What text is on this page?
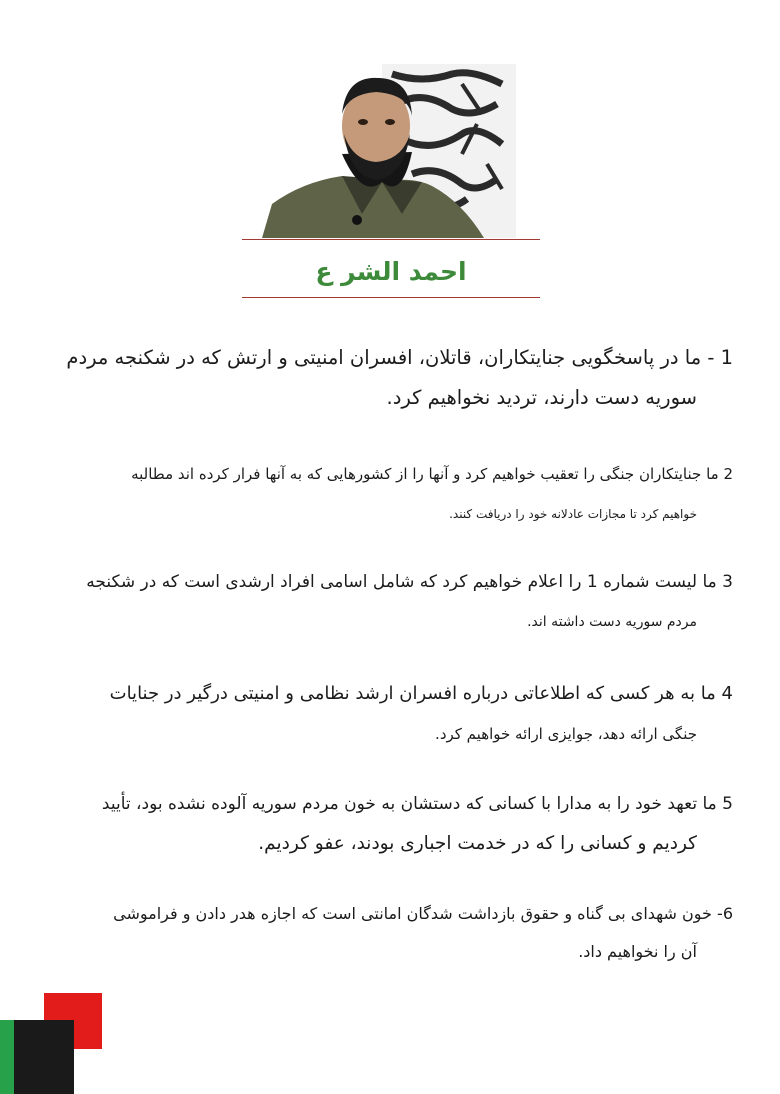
احمد الشر ع
1 - ما در پاسخگویی جنایتکاران، قاتلان، افسران امنیتی و ارتش که در شکنجه مردم
سوریه دست دارند، تردید نخواهیم کرد.
2 ما جنایتکاران جنگی را تعقیب خواهیم کرد و آنها را از کشورهایی که به آنها فرار کرده اند مطالبه
خواهیم کرد تا مجازات عادلانه خود را دریافت کنند.
3 ما لیست شماره 1 را اعلام خواهیم کرد که شامل اسامی افراد ارشدی است که در شکنجه
مردم سوریه دست داشته اند.
4 ما به هر کسی که اطلاعاتی درباره افسران ارشد نظامی و امنیتی درگیر در جنایات
جنگی ارائه دهد، جوایزی ارائه خواهیم کرد.
5 ما تعهد خود را به مدارا با کسانی که دستشان به خون مردم سوریه آلوده نشده بود، تأیید
کردیم و کسانی را که در خدمت اجباری بودند، عفو کردیم.
6- خون شهدای بی گناه و حقوق بازداشت شدگان امانتی است که اجازه هدر دادن و فراموشی
آن را نخواهیم داد.
